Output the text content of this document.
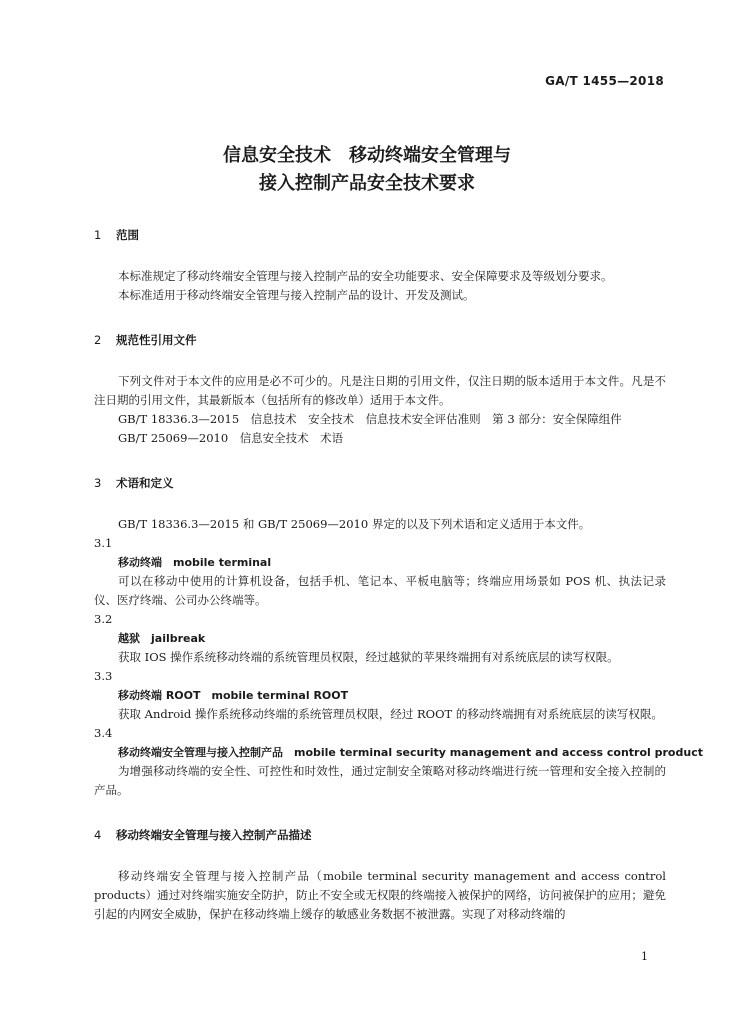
GA/T 1455—2018
信息安全技术　移动终端安全管理与
接入控制产品安全技术要求
1 范围

本标准规定了移动终端安全管理与接入控制产品的安全功能要求、安全保障要求及等级划分要求。

本标准适用于移动终端安全管理与接入控制产品的设计、开发及测试。

2 规范性引用文件

下列文件对于本文件的应用是必不可少的。凡是注日期的引用文件，仅注日期的版本适用于本文件。凡是不注日期的引用文件，其最新版本（包括所有的修改单）适用于本文件。

GB/T 18336.3—2015　信息技术　安全技术　信息技术安全评估准则　第 3 部分：安全保障组件

GB/T 25069—2010　信息安全技术　术语

3 术语和定义

GB/T 18336.3—2015 和 GB/T 25069—2010 界定的以及下列术语和定义适用于本文件。

3.1

移动终端　mobile terminal

可以在移动中使用的计算机设备，包括手机、笔记本、平板电脑等；终端应用场景如 POS 机、执法记录仪、医疗终端、公司办公终端等。

3.2

越狱　jailbreak

获取 IOS 操作系统移动终端的系统管理员权限，经过越狱的苹果终端拥有对系统底层的读写权限。

3.3

移动终端 ROOT　mobile terminal ROOT

获取 Android 操作系统移动终端的系统管理员权限，经过 ROOT 的移动终端拥有对系统底层的读写权限。

3.4

移动终端安全管理与接入控制产品　mobile terminal security management and access control product

为增强移动终端的安全性、可控性和时效性，通过定制安全策略对移动终端进行统一管理和安全接入控制的产品。

4 移动终端安全管理与接入控制产品描述

移动终端安全管理与接入控制产品（mobile terminal security management and access control products）通过对终端实施安全防护，防止不安全或无权限的终端接入被保护的网络，访问被保护的应用；避免引起的内网安全威胁，保护在移动终端上缓存的敏感业务数据不被泄露。实现了对移动终端的

1
